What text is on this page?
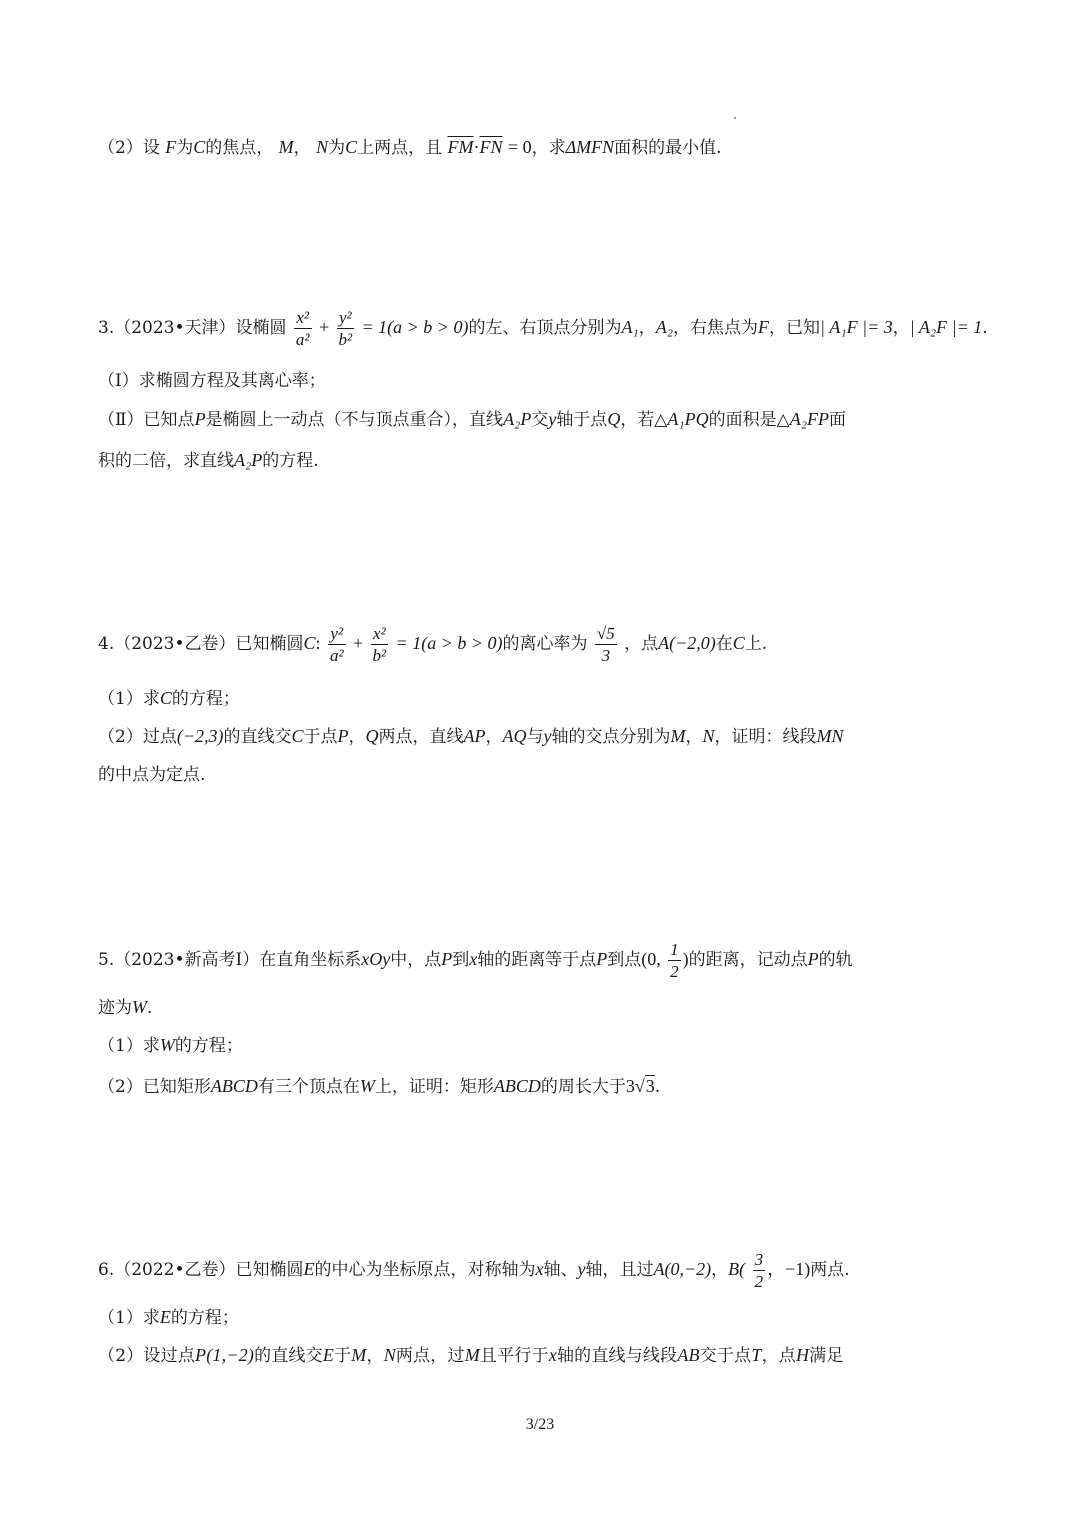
（2）设 F为C的焦点， M， N为C上两点，且 $\overline{FM}\cdot\overline{FN} = 0$，求ΔMFN面积的最小值.
3.（2023•天津）设椭圆 $\frac{\text{x²}}{\text{a²}} + \frac{\text{y²}}{\text{b²}} = 1(a > b > 0)$的左、右顶点分别为A₁，A₂，右焦点为F，已知| A₁F |= 3，| A₂F |= 1.
（Ⅰ）求椭圆方程及其离心率；
（Ⅱ）已知点P是椭圆上一动点（不与顶点重合），直线A₂P交y轴于点Q，若△A₁PQ的面积是△A₂FP面
积的二倍，求直线A₂P的方程.
4.（2023•乙卷）已知椭圆C: $\frac{\text{y²}}{\text{a²}} + \frac{\text{x²}}{\text{b²}} = 1(a > b > 0)$的离心率为 $\frac{√5}{3}$ ，点A(−2,0)在C上.
（1）求C的方程；
（2）过点(−2,3)的直线交C于点P，Q两点，直线AP，AQ与y轴的交点分别为M，N，证明：线段MN
的中点为定点.
5.（2023•新高考Ⅰ）在直角坐标系xOy中，点P到x轴的距离等于点P到点(0, $\frac{1}{2}$ )的距离，记动点P的轨
迹为W.
（1）求W的方程；
（2）已知矩形ABCD有三个顶点在W上，证明：矩形ABCD的周长大于3√3.
6.（2022•乙卷）已知椭圆E的中心为坐标原点，对称轴为x轴、y轴，且过A(0,−2)，$B( \frac{3}{2}$ ，−1)两点.
（1）求E的方程；
（2）设过点P(1,−2)的直线交E于M，N两点，过M且平行于x轴的直线与线段AB交于点T，点H满足
3/23
